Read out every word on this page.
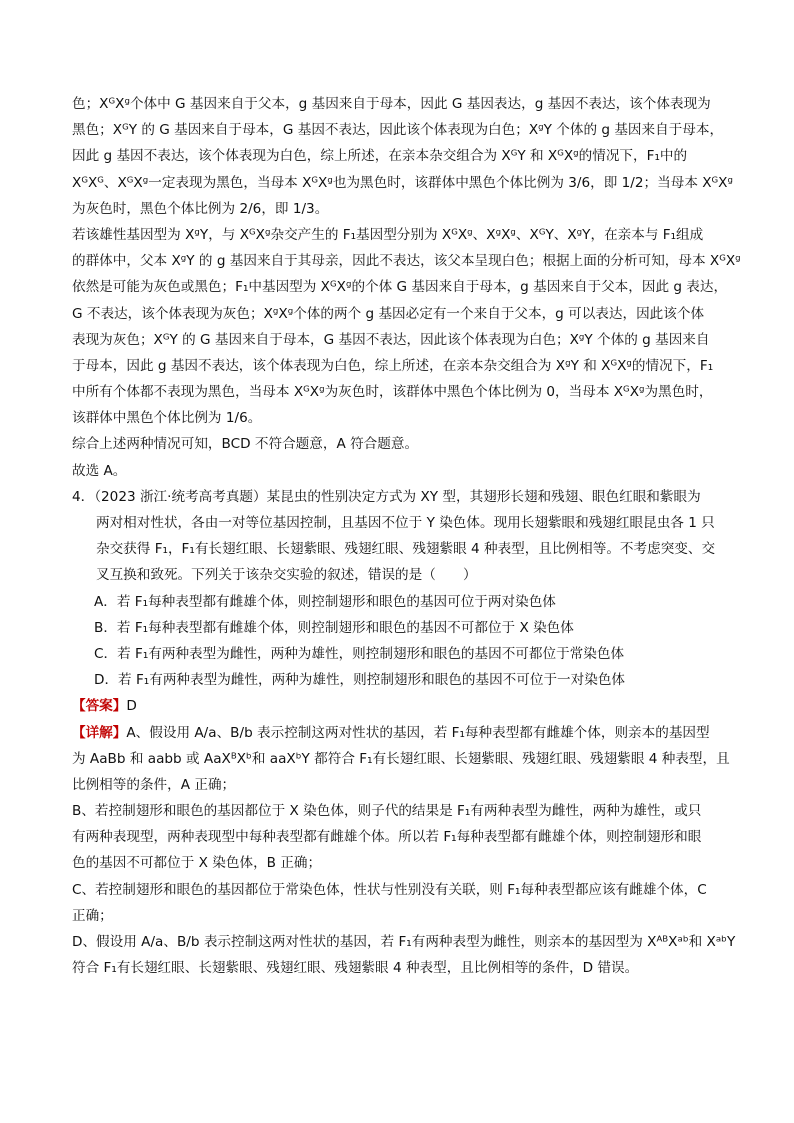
色；XᴳXᵍ个体中 G 基因来自于父本，g 基因来自于母本，因此 G 基因表达，g 基因不表达，该个体表现为
黑色；XᴳY 的 G 基因来自于母本，G 基因不表达，因此该个体表现为白色；XᵍY 个体的 g 基因来自于母本，
因此 g 基因不表达，该个体表现为白色，综上所述，在亲本杂交组合为 XᴳY 和 XᴳXᵍ的情况下，F₁中的
XᴳXᴳ、XᴳXᵍ一定表现为黑色，当母本 XᴳXᵍ也为黑色时，该群体中黑色个体比例为 3/6，即 1/2；当母本 XᴳXᵍ
为灰色时，黑色个体比例为 2/6，即 1/3。
若该雄性基因型为 XᵍY，与 XᴳXᵍ杂交产生的 F₁基因型分别为 XᴳXᵍ、XᵍXᵍ、XᴳY、XᵍY，在亲本与 F₁组成
的群体中，父本 XᵍY 的 g 基因来自于其母亲，因此不表达，该父本呈现白色；根据上面的分析可知，母本 XᴳXᵍ
依然是可能为灰色或黑色；F₁中基因型为 XᴳXᵍ的个体 G 基因来自于母本，g 基因来自于父本，因此 g 表达，
G 不表达，该个体表现为灰色；XᵍXᵍ个体的两个 g 基因必定有一个来自于父本，g 可以表达，因此该个体
表现为灰色；XᴳY 的 G 基因来自于母本，G 基因不表达，因此该个体表现为白色；XᵍY 个体的 g 基因来自
于母本，因此 g 基因不表达，该个体表现为白色，综上所述，在亲本杂交组合为 XᵍY 和 XᴳXᵍ的情况下，F₁
中所有个体都不表现为黑色，当母本 XᴳXᵍ为灰色时，该群体中黑色个体比例为 0，当母本 XᴳXᵍ为黑色时，
该群体中黑色个体比例为 1/6。
综合上述两种情况可知，BCD 不符合题意，A 符合题意。
故选 A。
4．（2023 浙江·统考高考真题）某昆虫的性别决定方式为 XY 型，其翅形长翅和残翅、眼色红眼和紫眼为
两对相对性状，各由一对等位基因控制，且基因不位于 Y 染色体。现用长翅紫眼和残翅红眼昆虫各 1 只
杂交获得 F₁，F₁有长翅红眼、长翅紫眼、残翅红眼、残翅紫眼 4 种表型，且比例相等。不考虑突变、交
叉互换和致死。下列关于该杂交实验的叙述，错误的是（　　）
A．若 F₁每种表型都有雌雄个体，则控制翅形和眼色的基因可位于两对染色体
B．若 F₁每种表型都有雌雄个体，则控制翅形和眼色的基因不可都位于 X 染色体
C．若 F₁有两种表型为雌性，两种为雄性，则控制翅形和眼色的基因不可都位于常染色体
D．若 F₁有两种表型为雌性，两种为雄性，则控制翅形和眼色的基因不可位于一对染色体
【答案】D
【详解】A、假设用 A/a、B/b 表示控制这两对性状的基因，若 F₁每种表型都有雌雄个体，则亲本的基因型
为 AaBb 和 aabb 或 AaXᴮXᵇ和 aaXᵇY 都符合 F₁有长翅红眼、长翅紫眼、残翅红眼、残翅紫眼 4 种表型，且
比例相等的条件，A 正确；
B、若控制翅形和眼色的基因都位于 X 染色体，则子代的结果是 F₁有两种表型为雌性，两种为雄性，或只
有两种表现型，两种表现型中每种表型都有雌雄个体。所以若 F₁每种表型都有雌雄个体，则控制翅形和眼
色的基因不可都位于 X 染色体，B 正确；
C、若控制翅形和眼色的基因都位于常染色体，性状与性别没有关联，则 F₁每种表型都应该有雌雄个体，C
正确；
D、假设用 A/a、B/b 表示控制这两对性状的基因，若 F₁有两种表型为雌性，则亲本的基因型为 XᴬᴮXᵃᵇ和 XᵃᵇY
符合 F₁有长翅红眼、长翅紫眼、残翅红眼、残翅紫眼 4 种表型，且比例相等的条件，D 错误。
